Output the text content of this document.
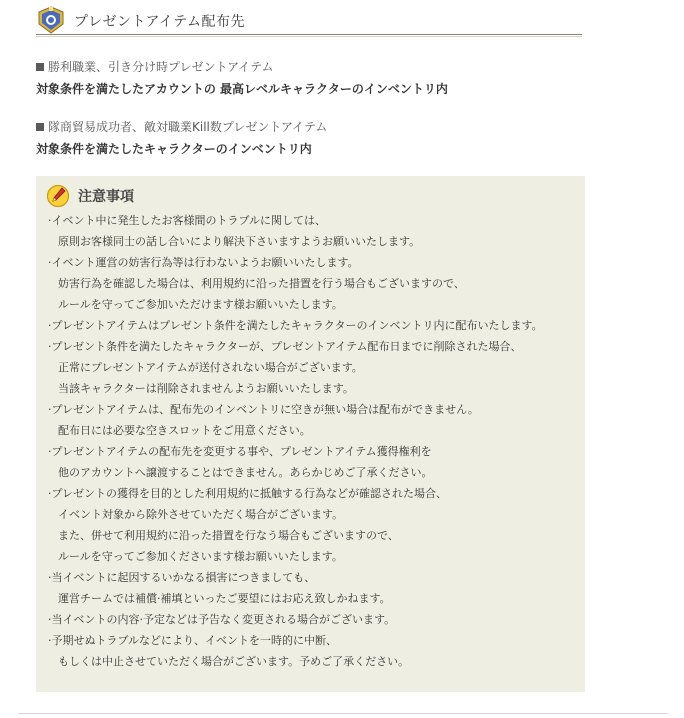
プレゼントアイテム配布先
勝利職業、引き分け時プレゼントアイテム
対象条件を満たしたアカウントの 最高レベルキャラクターのインベントリ内
隊商貿易成功者、敵対職業Kill数プレゼントアイテム
対象条件を満たしたキャラクターのインベントリ内
注意事項
·イベント中に発生したお客様間のトラブルに関しては、
原則お客様同士の話し合いにより解決下さいますようお願いいたします。
·イベント運営の妨害行為等は行わないようお願いいたします。
妨害行為を確認した場合は、利用規約に沿った措置を行う場合もございますので、
ルールを守ってご参加いただけます様お願いいたします。
·プレゼントアイテムはプレゼント条件を満たしたキャラクターのインベントリ内に配布いたします。
·プレゼント条件を満たしたキャラクターが、プレゼントアイテム配布日までに削除された場合、
正常にプレゼントアイテムが送付されない場合がございます。
当該キャラクターは削除されませんようお願いいたします。
·プレゼントアイテムは、配布先のインベントリに空きが無い場合は配布ができません。
配布日には必要な空きスロットをご用意ください。
·プレゼントアイテムの配布先を変更する事や、プレゼントアイテム獲得権利を
他のアカウントへ譲渡することはできません。あらかじめご了承ください。
·プレゼントの獲得を目的とした利用規約に抵触する行為などが確認された場合、
イベント対象から除外させていただく場合がございます。
また、併せて利用規約に沿った措置を行なう場合もございますので、
ルールを守ってご参加くださいます様お願いいたします。
·当イベントに起因するいかなる損害につきましても、
運営チームでは補償·補填といったご要望にはお応え致しかねます。
·当イベントの内容·予定などは予告なく変更される場合がございます。
·予期せぬトラブルなどにより、イベントを一時的に中断、
もしくは中止させていただく場合がございます。予めご了承ください。
